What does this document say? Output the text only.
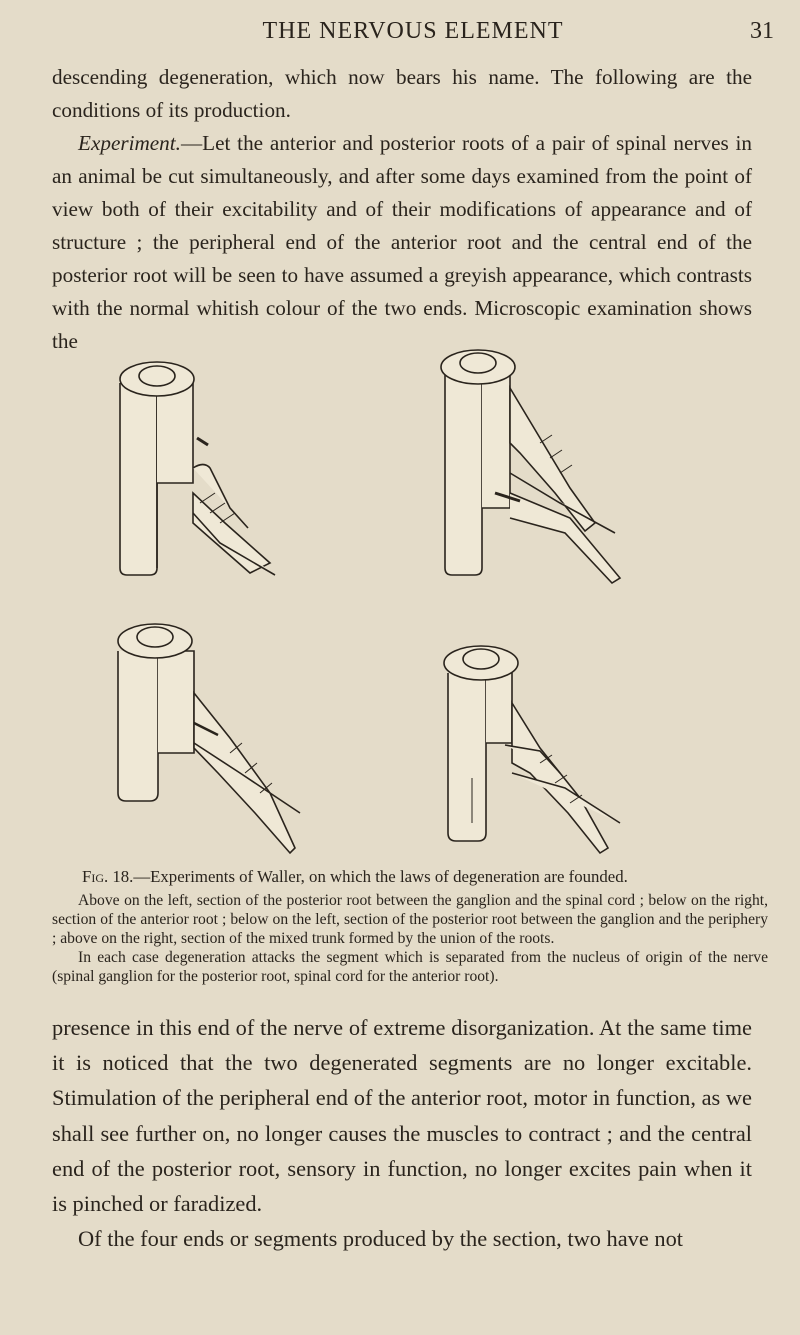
THE NERVOUS ELEMENT	31

descending degeneration, which now bears his name. The following are the conditions of its production.
Experiment.—Let the anterior and posterior roots of a pair of spinal nerves in an animal be cut simultaneously, and after some days examined from the point of view both of their excitability and of their modifications of appearance and of structure ; the peripheral end of the anterior root and the central end of the posterior root will be seen to have assumed a greyish appearance, which contrasts with the normal whitish colour of the two ends. Microscopic examination shows the

Fig. 18.—Experiments of Waller, on which the laws of degeneration are founded.
Above on the left, section of the posterior root between the ganglion and the spinal cord ; below on the right, section of the anterior root ; below on the left, section of the posterior root between the ganglion and the periphery ; above on the right, section of the mixed trunk formed by the union of the roots.
In each case degeneration attacks the segment which is separated from the nucleus of origin of the nerve (spinal ganglion for the posterior root, spinal cord for the anterior root).

presence in this end of the nerve of extreme disorganization. At the same time it is noticed that the two degenerated segments are no longer excitable. Stimulation of the peripheral end of the anterior root, motor in function, as we shall see further on, no longer causes the muscles to contract ; and the central end of the posterior root, sensory in function, no longer excites pain when it is pinched or faradized.
Of the four ends or segments produced by the section, two have not
